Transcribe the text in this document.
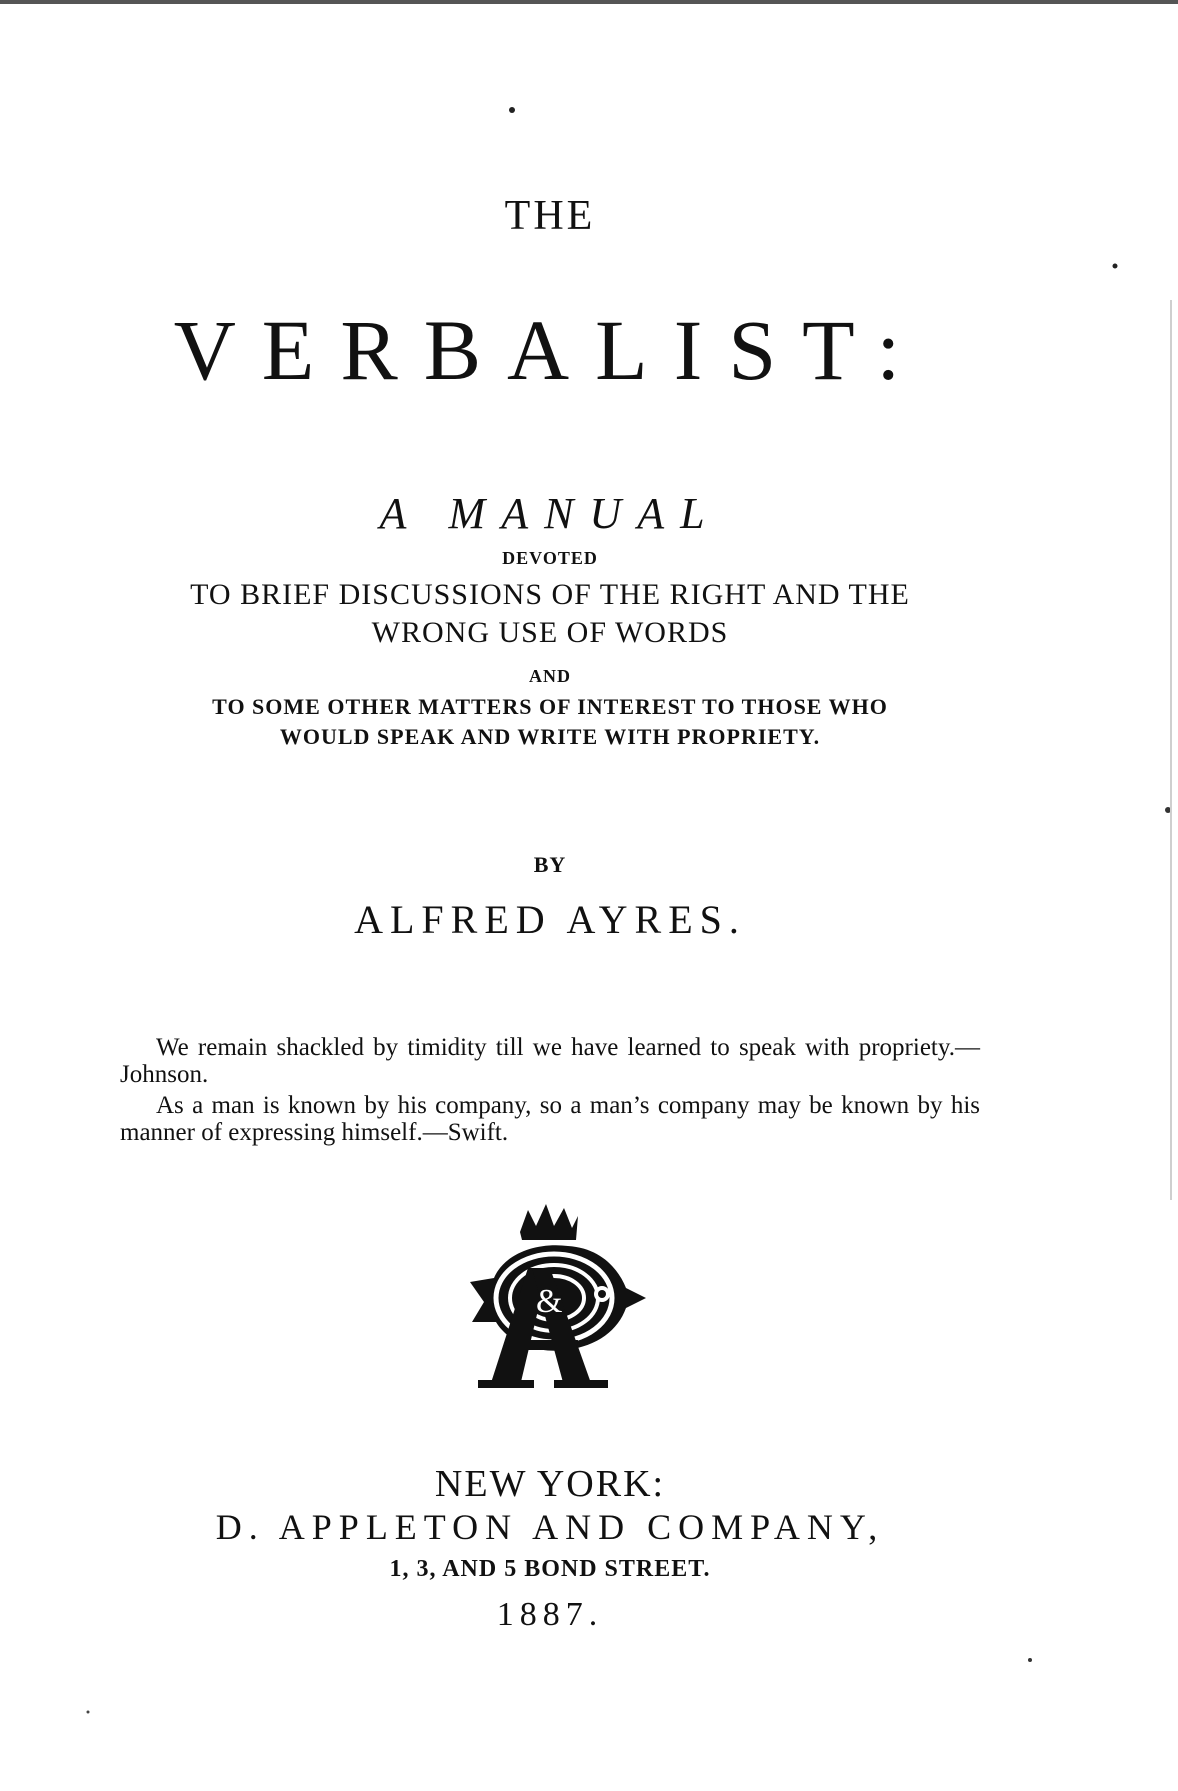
THE
VERBALIST:
A MANUAL
DEVOTED
TO BRIEF DISCUSSIONS OF THE RIGHT AND THE
WRONG USE OF WORDS
AND
TO SOME OTHER MATTERS OF INTEREST TO THOSE WHO
WOULD SPEAK AND WRITE WITH PROPRIETY.
BY
ALFRED AYRES.

We remain shackled by timidity till we have learned to speak with propriety.—Johnson.

As a man is known by his company, so a man’s company may be known by his manner of expressing himself.—Swift.

&
NEW YORK:
D. APPLETON AND COMPANY,
1, 3, AND 5 BOND STREET.
1887.
